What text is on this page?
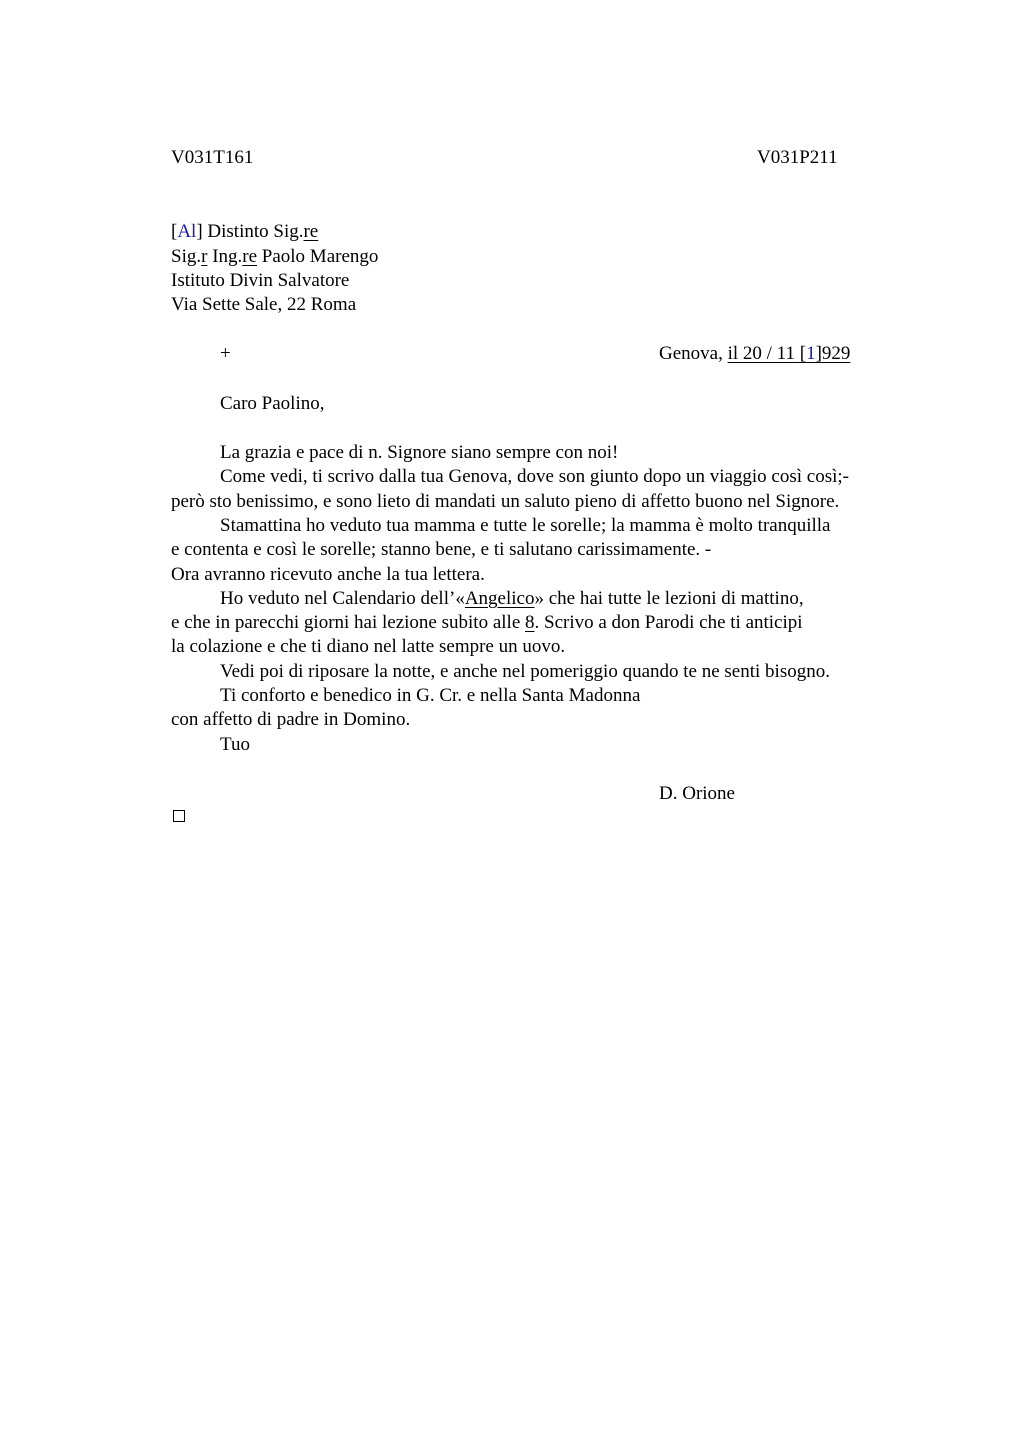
V031T161	V031P211
[Al] Distinto Sig.re
Sig.r Ing.re Paolo Marengo
Istituto Divin Salvatore
Via Sette Sale, 22 Roma
+	Genova, il 20 / 11 [1]929
Caro Paolino,
La grazia e pace di n. Signore siano sempre con noi!
Come vedi, ti scrivo dalla tua Genova, dove son giunto dopo un viaggio così così;-
però sto benissimo, e sono lieto di mandati un saluto pieno di affetto buono nel Signore.
Stamattina ho veduto tua mamma e tutte le sorelle; la mamma è molto tranquilla
e contenta e così le sorelle; stanno bene, e ti salutano carissimamente. -
Ora avranno ricevuto anche la tua lettera.
Ho veduto nel Calendario dell’«Angelico» che hai tutte le lezioni di mattino,
e che in parecchi giorni hai lezione subito alle 8. Scrivo a don Parodi che ti anticipi
la colazione e che ti diano nel latte sempre un uovo.
Vedi poi di riposare la notte, e anche nel pomeriggio quando te ne senti bisogno.
Ti conforto e benedico in G. Cr. e nella Santa Madonna
con affetto di padre in Domino.
Tuo
D. Orione
